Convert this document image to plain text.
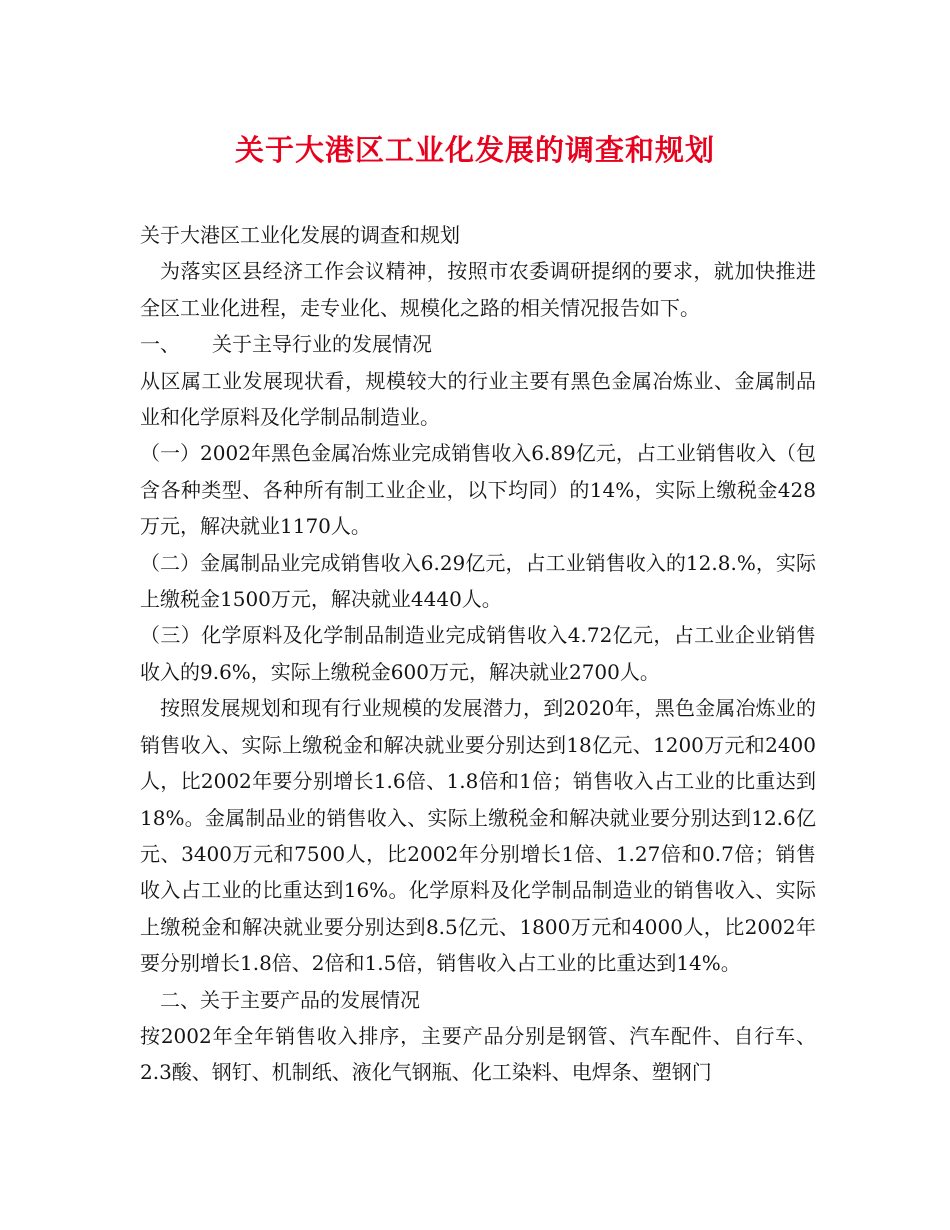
关于大港区工业化发展的调查和规划

关于大港区工业化发展的调查和规划

为落实区县经济工作会议精神，按照市农委调研提纲的要求，就加快推进全区工业化进程，走专业化、规模化之路的相关情况报告如下。

一、 关于主导行业的发展情况

从区属工业发展现状看，规模较大的行业主要有黑色金属冶炼业、金属制品业和化学原料及化学制品制造业。

（一）2002年黑色金属冶炼业完成销售收入6.89亿元，占工业销售收入（包含各种类型、各种所有制工业企业，以下均同）的14%，实际上缴税金428万元，解决就业1170人。

（二）金属制品业完成销售收入6.29亿元，占工业销售收入的12.8.%，实际上缴税金1500万元，解决就业4440人。

（三）化学原料及化学制品制造业完成销售收入4.72亿元，占工业企业销售收入的9.6%，实际上缴税金600万元，解决就业2700人。

按照发展规划和现有行业规模的发展潜力，到2020年，黑色金属冶炼业的销售收入、实际上缴税金和解决就业要分别达到18亿元、1200万元和2400人，比2002年要分别增长1.6倍、1.8倍和1倍；销售收入占工业的比重达到18%。金属制品业的销售收入、实际上缴税金和解决就业要分别达到12.6亿元、3400万元和7500人，比2002年分别增长1倍、1.27倍和0.7倍；销售收入占工业的比重达到16%。化学原料及化学制品制造业的销售收入、实际上缴税金和解决就业要分别达到8.5亿元、1800万元和4000人，比2002年要分别增长1.8倍、2倍和1.5倍，销售收入占工业的比重达到14%。

二、关于主要产品的发展情况

按2002年全年销售收入排序，主要产品分别是钢管、汽车配件、自行车、2.3酸、钢钉、机制纸、液化气钢瓶、化工染料、电焊条、塑钢门
